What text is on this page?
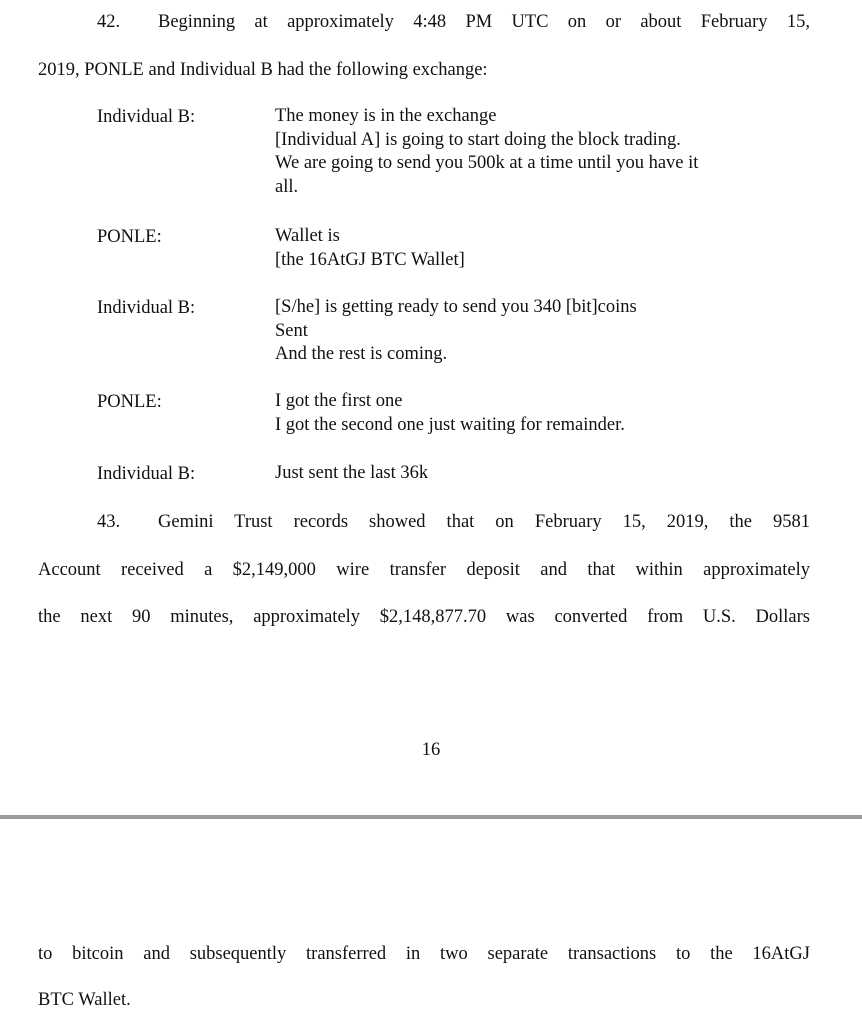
42. Beginning at approximately 4:48 PM UTC on or about February 15,
2019, PONLE and Individual B had the following exchange:
Individual B:	The money is in the exchange
[Individual A] is going to start doing the block trading.
We are going to send you 500k at a time until you have it
all.
PONLE:	Wallet is
[the 16AtGJ BTC Wallet]
Individual B:	[S/he] is getting ready to send you 340 [bit]coins
Sent
And the rest is coming.
PONLE:	I got the first one
I got the second one just waiting for remainder.
Individual B:	Just sent the last 36k
43. Gemini Trust records showed that on February 15, 2019, the 9581
Account received a $2,149,000 wire transfer deposit and that within approximately
the next 90 minutes, approximately $2,148,877.70 was converted from U.S. Dollars
16
to bitcoin and subsequently transferred in two separate transactions to the 16AtGJ
BTC Wallet.
